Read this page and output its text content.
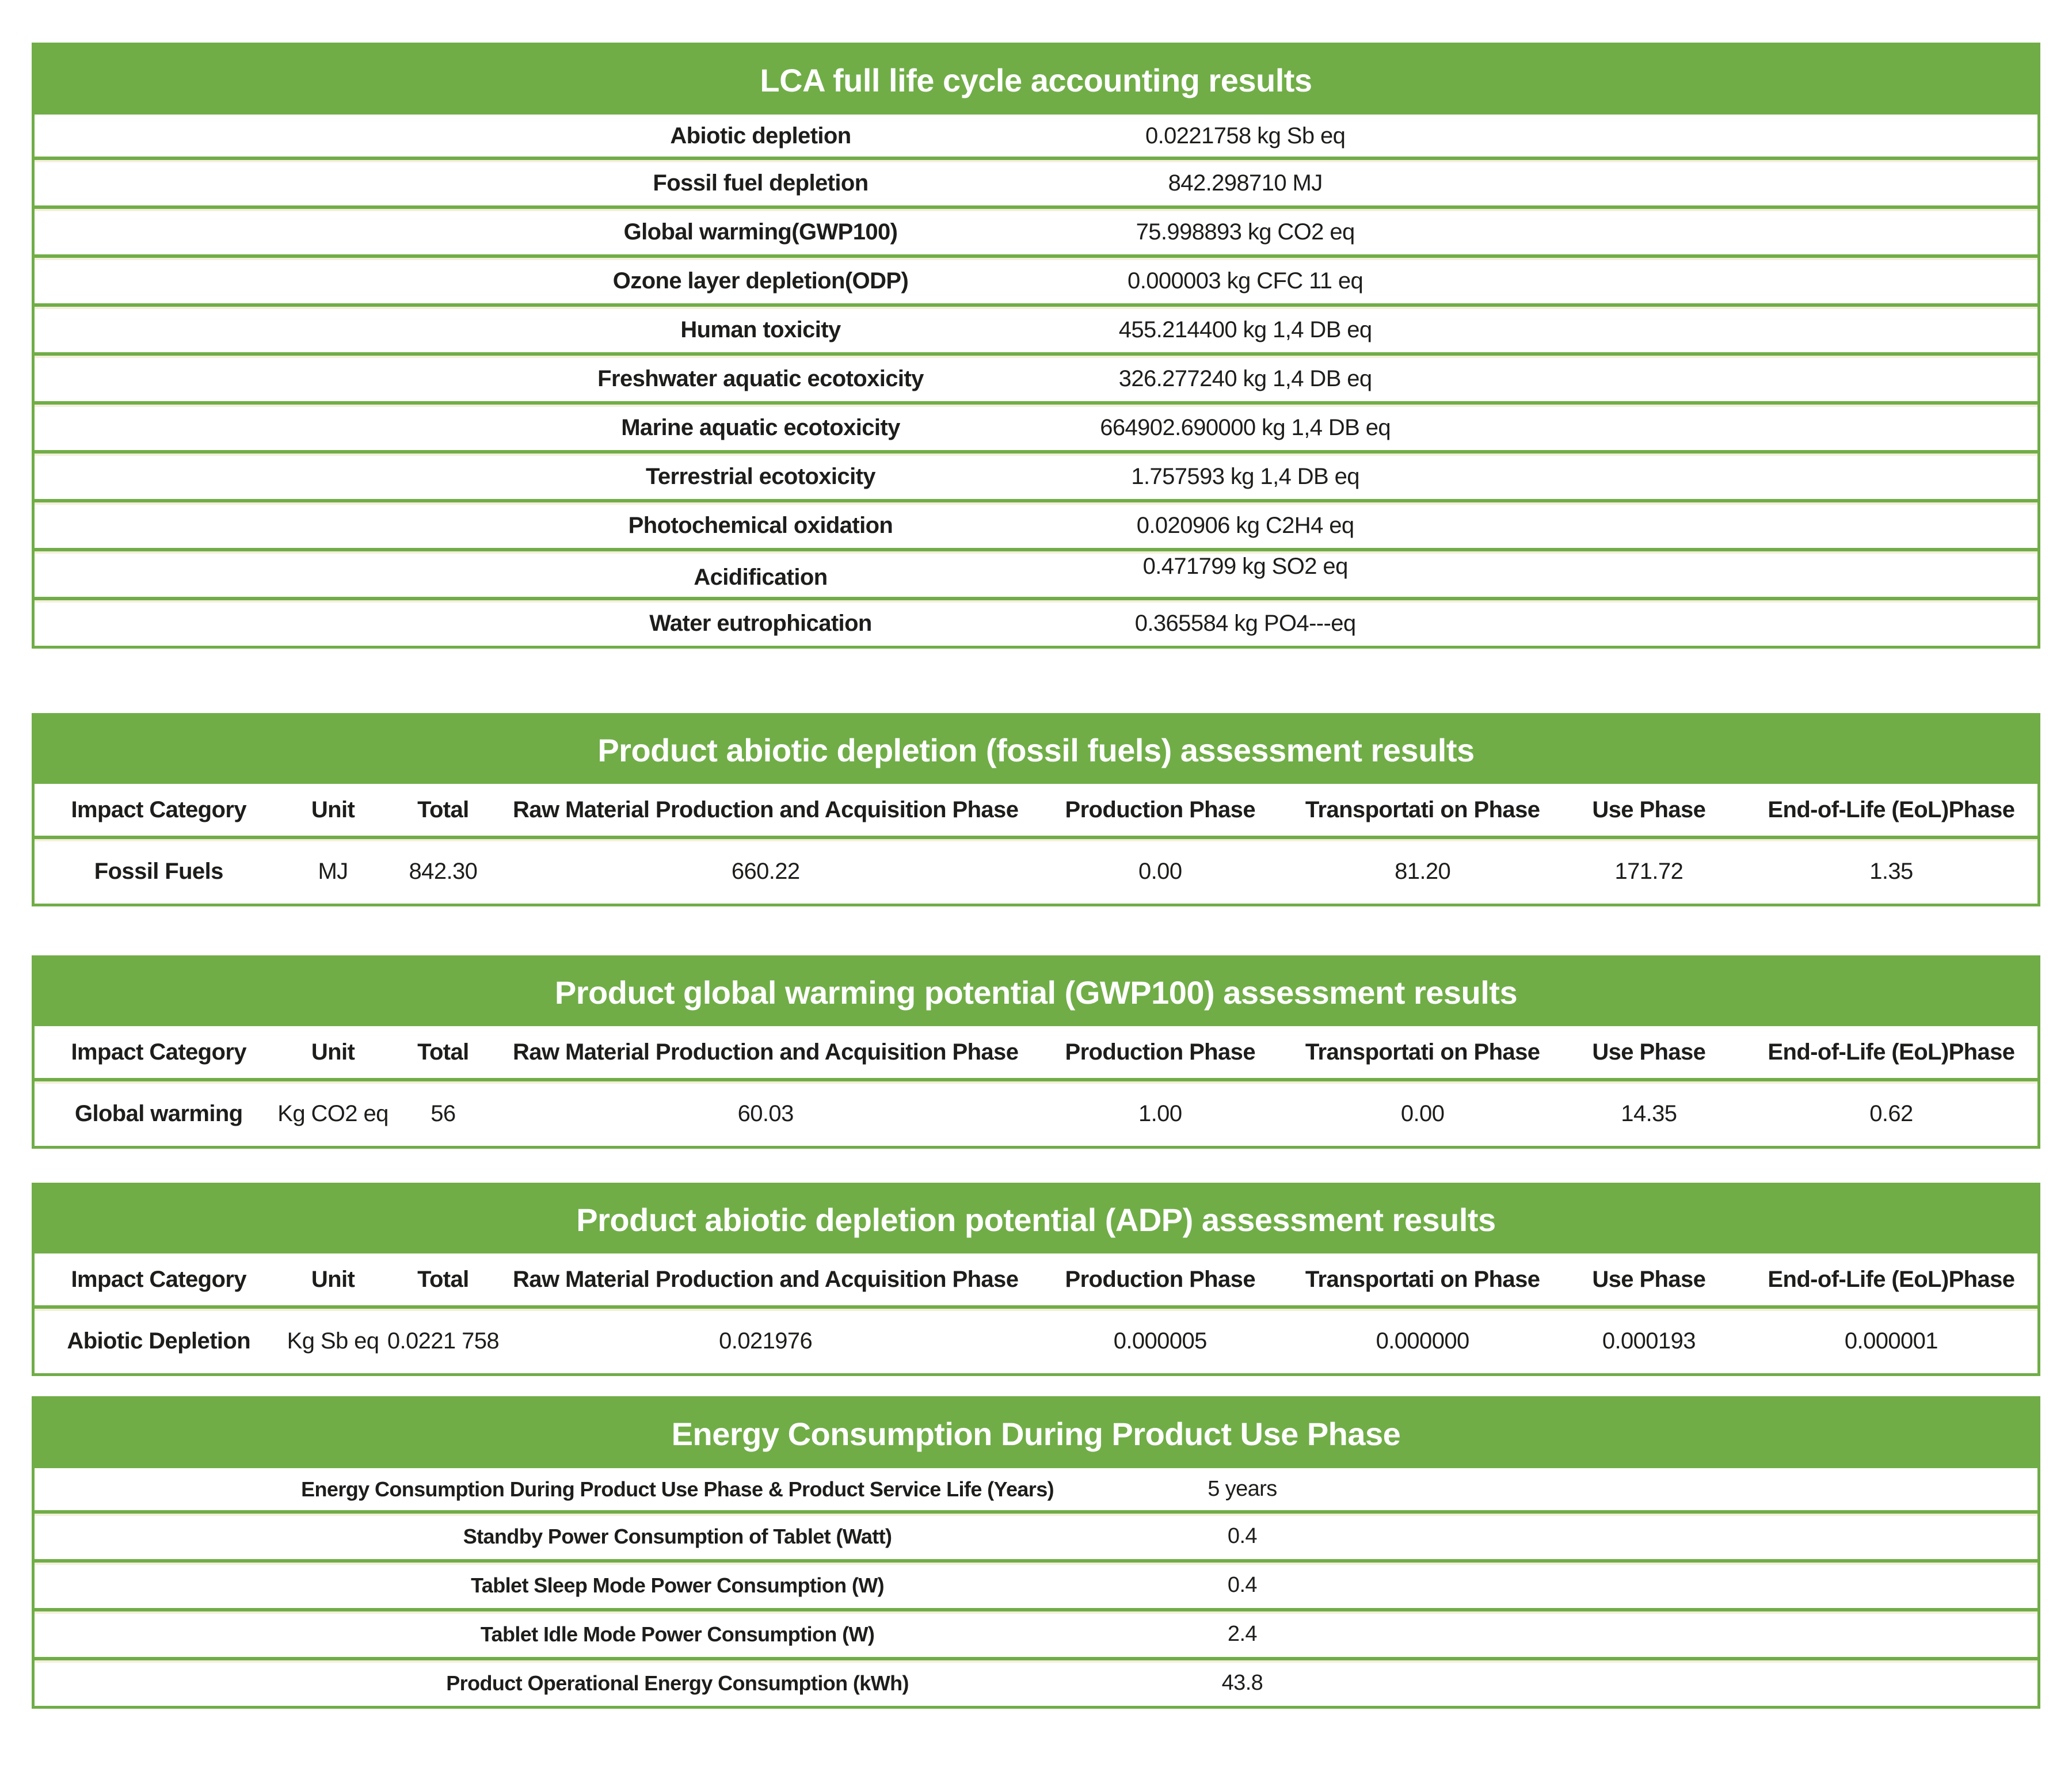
LCA full life cycle accounting results
Abiotic depletion	0.0221758 kg Sb eq
Fossil fuel depletion	842.298710 MJ
Global warming(GWP100)	75.998893 kg CO2 eq
Ozone layer depletion(ODP)	0.000003 kg CFC 11 eq
Human toxicity	455.214400 kg 1,4 DB eq
Freshwater aquatic ecotoxicity	326.277240 kg 1,4 DB eq
Marine aquatic ecotoxicity	664902.690000 kg 1,4 DB eq
Terrestrial ecotoxicity	1.757593 kg 1,4 DB eq
Photochemical oxidation	0.020906 kg C2H4 eq
Acidification	0.471799 kg SO2 eq
Water eutrophication	0.365584 kg PO4---eq
Product abiotic depletion (fossil fuels) assessment results
Impact Category	Unit	Total	Raw Material Production and Acquisition Phase	Production Phase	Transportati on Phase	Use Phase	End-of-Life (EoL)Phase
Fossil Fuels	MJ	842.30	660.22	0.00	81.20	171.72	1.35
Product global warming potential (GWP100) assessment results
Impact Category	Unit	Total	Raw Material Production and Acquisition Phase	Production Phase	Transportati on Phase	Use Phase	End-of-Life (EoL)Phase
Global warming	Kg CO2 eq	56	60.03	1.00	0.00	14.35	0.62
Product abiotic depletion potential (ADP) assessment results
Impact Category	Unit	Total	Raw Material Production and Acquisition Phase	Production Phase	Transportati on Phase	Use Phase	End-of-Life (EoL)Phase
Abiotic Depletion	Kg Sb eq 0.0221 758	0.021976	0.000005	0.000000	0.000193	0.000001
Energy Consumption During Product Use Phase
Energy Consumption During Product Use Phase & Product Service Life (Years)	5 years
Standby Power Consumption of Tablet (Watt)	0.4
Tablet Sleep Mode Power Consumption (W)	0.4
Tablet Idle Mode Power Consumption (W)	2.4
Product Operational Energy Consumption (kWh)	43.8
